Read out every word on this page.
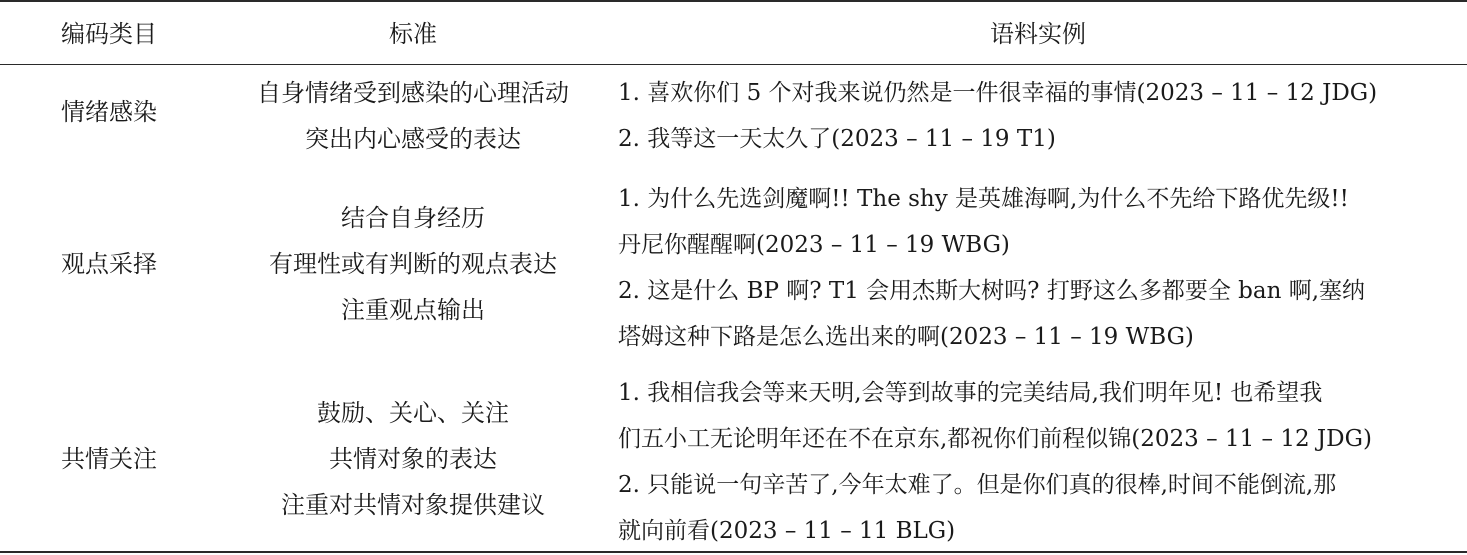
编码类目	标准	语料实例
情绪感染
自身情绪受到感染的心理活动
突出内心感受的表达
1. 喜欢你们 5 个对我来说仍然是一件很幸福的事情(2023 – 11 – 12 JDG)
2. 我等这一天太久了(2023 – 11 – 19 T1)
观点采择
结合自身经历
有理性或有判断的观点表达
注重观点输出
1. 为什么先选剑魔啊!! The shy 是英雄海啊,为什么不先给下路优先级!!
丹尼你醒醒啊(2023 – 11 – 19 WBG)
2. 这是什么 BP 啊? T1 会用杰斯大树吗? 打野这么多都要全 ban 啊,塞纳
塔姆这种下路是怎么选出来的啊(2023 – 11 – 19 WBG)
共情关注
鼓励、关心、关注
共情对象的表达
注重对共情对象提供建议
1. 我相信我会等来天明,会等到故事的完美结局,我们明年见! 也希望我
们五小工无论明年还在不在京东,都祝你们前程似锦(2023 – 11 – 12 JDG)
2. 只能说一句辛苦了,今年太难了。但是你们真的很棒,时间不能倒流,那
就向前看(2023 – 11 – 11 BLG)
